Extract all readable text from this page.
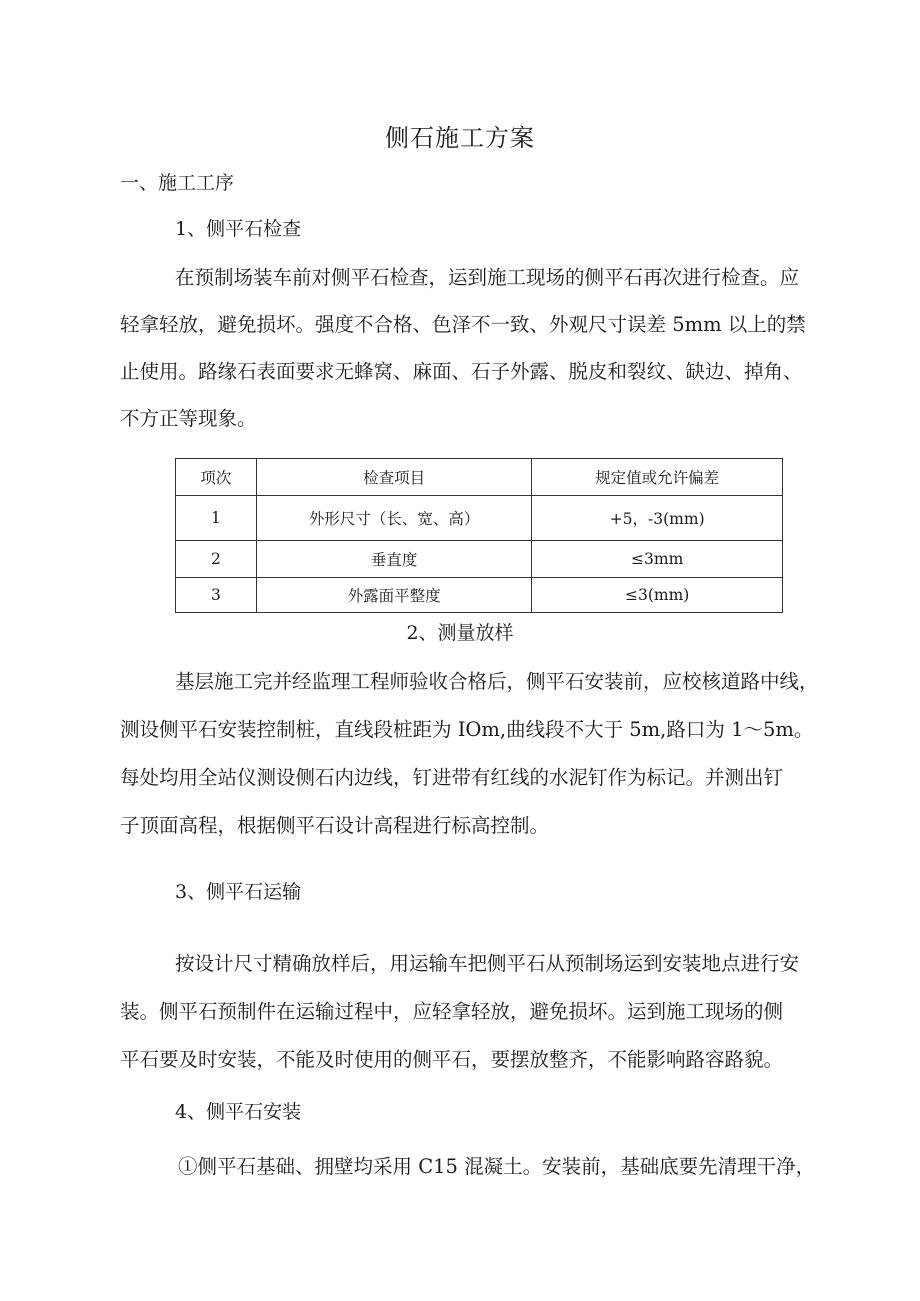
侧石施工方案
一、施工工序
1、侧平石检查
在预制场装车前对侧平石检查，运到施工现场的侧平石再次进行检查。应
轻拿轻放，避免损坏。强度不合格、色泽不一致、外观尺寸误差 5mm 以上的禁
止使用。路缘石表面要求无蜂窝、麻面、石子外露、脱皮和裂纹、缺边、掉角、
不方正等现象。
项次	检查项目	规定值或允许偏差
1	外形尺寸（长、宽、高）	+5，-3(mm)
2	垂直度	≤3mm
3	外露面平整度	≤3(mm)
2、测量放样
基层施工完并经监理工程师验收合格后，侧平石安装前，应校核道路中线，
测设侧平石安装控制桩，直线段桩距为 IOm,曲线段不大于 5m,路口为 1～5m。
每处均用全站仪测设侧石内边线，钉进带有红线的水泥钉作为标记。并测出钉
子顶面高程，根据侧平石设计高程进行标高控制。
3、侧平石运输
按设计尺寸精确放样后，用运输车把侧平石从预制场运到安装地点进行安
装。侧平石预制件在运输过程中，应轻拿轻放，避免损坏。运到施工现场的侧
平石要及时安装，不能及时使用的侧平石，要摆放整齐，不能影响路容路貌。
4、侧平石安装
①侧平石基础、拥壁均采用 C15 混凝土。安装前，基础底要先清理干净，
